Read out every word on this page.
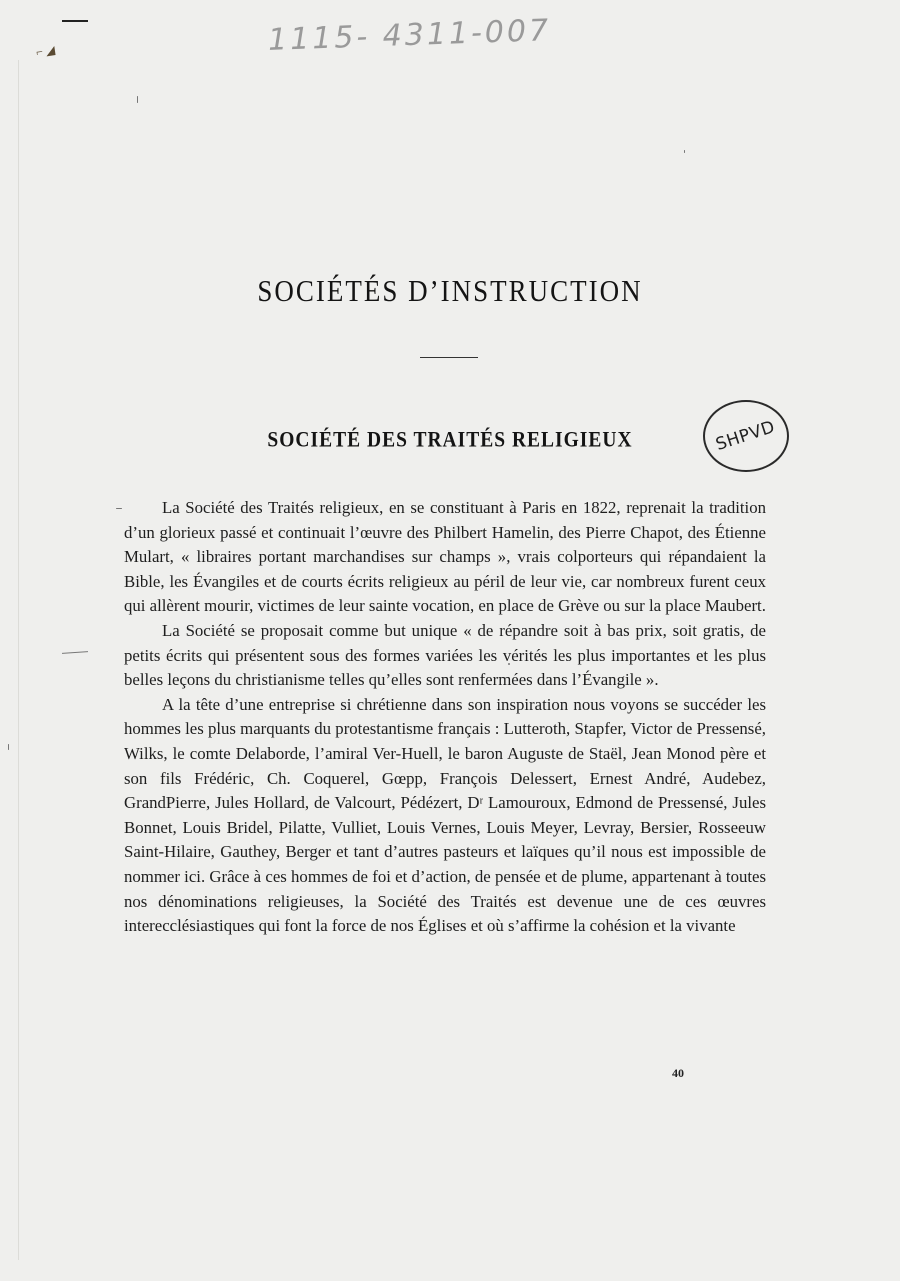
⌐ ◢	1115- 4311-007
SOCIÉTÉS D’INSTRUCTION
SOCIÉTÉ DES TRAITÉS RELIGIEUX	SHPVD

La Société des Traités religieux, en se constituant à Paris en 1822, reprenait la tradition d’un glorieux passé et continuait l’œuvre des Philbert Hamelin, des Pierre Chapot, des Étienne Mulart, « libraires portant marchandises sur champs », vrais colporteurs qui répandaient la Bible, les Évangiles et de courts écrits religieux au péril de leur vie, car nombreux furent ceux qui allèrent mourir, victimes de leur sainte vocation, en place de Grève ou sur la place Maubert.

La Société se proposait comme but unique « de répandre soit à bas prix, soit gratis, de petits écrits qui présentent sous des formes variées les vérités les plus importantes et les plus belles leçons du christianisme telles qu’elles sont renfermées dans l’Évangile ».

A la tête d’une entreprise si chrétienne dans son inspiration nous voyons se succéder les hommes les plus marquants du protestantisme français : Lutteroth, Stapfer, Victor de Pressensé, Wilks, le comte Delaborde, l’amiral Ver-Huell, le baron Auguste de Staël, Jean Monod père et son fils Frédéric, Ch. Coquerel, Gœpp, François Delessert, Ernest André, Audebez, GrandPierre, Jules Hollard, de Valcourt, Pédézert, Dʳ Lamouroux, Edmond de Pressensé, Jules Bonnet, Louis Bridel, Pilatte, Vulliet, Louis Vernes, Louis Meyer, Levray, Bersier, Rosseeuw Saint-Hilaire, Gauthey, Berger et tant d’autres pasteurs et laïques qu’il nous est impossible de nommer ici. Grâce à ces hommes de foi et d’action, de pensée et de plume, appartenant à toutes nos dénominations religieuses, la Société des Traités est devenue une de ces œuvres interecclésiastiques qui font la force de nos Églises et où s’affirme la cohésion et la vivante

40
